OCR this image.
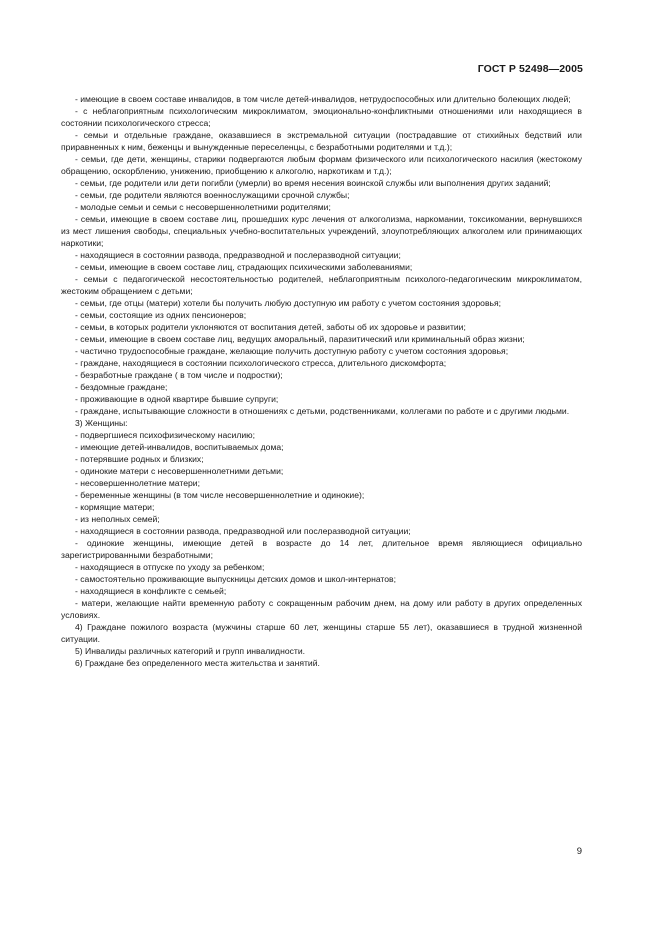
ГОСТ Р 52498—2005

- имеющие в своем составе инвалидов, в том числе детей-инвалидов, нетрудоспособных или длительно болеющих людей;

- с неблагоприятным психологическим микроклиматом, эмоционально-конфликтными отношениями или находящиеся в состоянии психологического стресса;

- семьи и отдельные граждане, оказавшиеся в экстремальной ситуации (пострадавшие от стихийных бедствий или приравненных к ним, беженцы и вынужденные переселенцы, с безработными родителями и т.д.);

- семьи, где дети, женщины, старики подвергаются любым формам физического или психологического насилия (жестокому обращению, оскорблению, унижению, приобщению к алкоголю, наркотикам и т.д.);

- семьи, где родители или дети погибли (умерли) во время несения воинской службы или выполнения других заданий;

- семьи, где родители являются военнослужащими срочной службы;

- молодые семьи и семьи с несовершеннолетними родителями;

- семьи, имеющие в своем составе лиц, прошедших курс лечения от алкоголизма, наркомании, токсикомании, вернувшихся из мест лишения свободы, специальных учебно-воспитательных учреждений, злоупотребляющих алкоголем или принимающих наркотики;

- находящиеся в состоянии развода, предразводной и послеразводной ситуации;

- семьи, имеющие в своем составе лиц, страдающих психическими заболеваниями;

- семьи с педагогической несостоятельностью родителей, неблагоприятным психолого-педагогическим микроклиматом, жестоким обращением с детьми;

- семьи, где отцы (матери) хотели бы получить любую доступную им работу с учетом состояния здоровья;

- семьи, состоящие из одних пенсионеров;

- семьи, в которых родители уклоняются от воспитания детей, заботы об их здоровье и развитии;

- семьи, имеющие в своем составе лиц, ведущих аморальный, паразитический или криминальный образ жизни;

- частично трудоспособные граждане, желающие получить доступную работу с учетом состояния здоровья;

- граждане, находящиеся в состоянии психологического стресса, длительного дискомфорта;

- безработные граждане ( в том числе и подростки);

- бездомные граждане;

- проживающие в одной квартире бывшие супруги;

- граждане, испытывающие сложности в отношениях с детьми, родственниками, коллегами по работе и с другими людьми.

3) Женщины:

- подвергшиеся психофизическому насилию;

- имеющие детей-инвалидов, воспитываемых дома;

- потерявшие родных и близких;

- одинокие матери с несовершеннолетними детьми;

- несовершеннолетние матери;

- беременные женщины (в том числе несовершеннолетние и одинокие);

- кормящие матери;

- из неполных семей;

- находящиеся в состоянии развода, предразводной или послеразводной ситуации;

- одинокие женщины, имеющие детей в возрасте до 14 лет, длительное время являющиеся официально зарегистрированными безработными;

- находящиеся в отпуске по уходу за ребенком;

- самостоятельно проживающие выпускницы детских домов и школ-интернатов;

- находящиеся в конфликте с семьей;

- матери, желающие найти временную работу с сокращенным рабочим днем, на дому или работу в других определенных условиях.

4) Граждане пожилого возраста (мужчины старше 60 лет, женщины старше 55 лет), оказавшиеся в трудной жизненной ситуации.

5) Инвалиды различных категорий и групп инвалидности.

6) Граждане без определенного места жительства и занятий.

9
